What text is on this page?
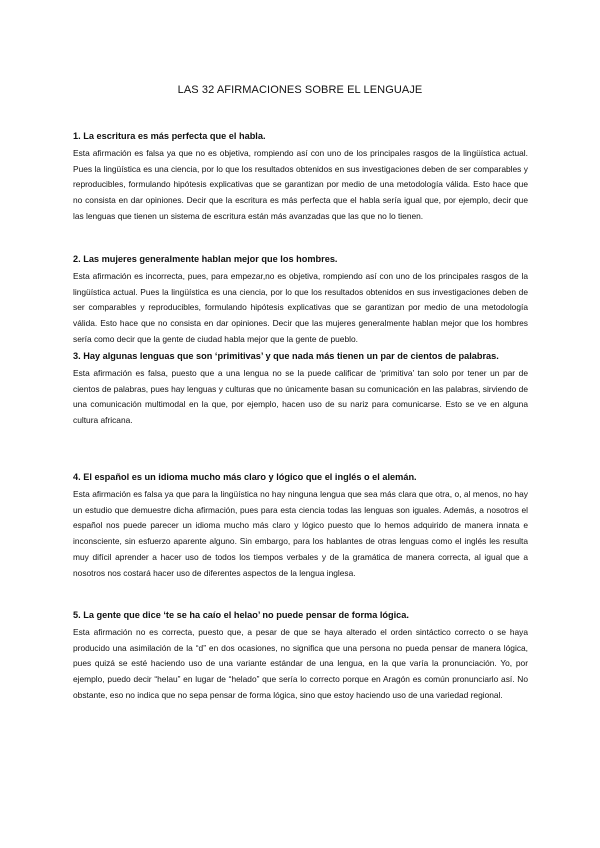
LAS 32 AFIRMACIONES SOBRE EL LENGUAJE
1. La escritura es más perfecta que el habla.

Esta afirmación es falsa ya que no es objetiva, rompiendo así con uno de los principales rasgos de la lingüística actual. Pues la lingüística es una ciencia, por lo que los resultados obtenidos en sus investigaciones deben de ser comparables y reproducibles, formulando hipótesis explicativas que se garantizan por medio de una metodología válida. Esto hace que no consista en dar opiniones. Decir que la escritura es más perfecta que el habla sería igual que, por ejemplo, decir que las lenguas que tienen un sistema de escritura están más avanzadas que las que no lo tienen.

2. Las mujeres generalmente hablan mejor que los hombres.

Esta afirmación es incorrecta, pues, para empezar,no es objetiva, rompiendo así con uno de los principales rasgos de la lingüística actual. Pues la lingüística es una ciencia, por lo que los resultados obtenidos en sus investigaciones deben de ser comparables y reproducibles, formulando hipótesis explicativas que se garantizan por medio de una metodología válida. Esto hace que no consista en dar opiniones. Decir que las mujeres generalmente hablan mejor que los hombres sería como decir que la gente de ciudad habla mejor que la gente de pueblo.

3. Hay algunas lenguas que son ‘primitivas’ y que nada más tienen un par de cientos de palabras.

Esta afirmación es falsa, puesto que a una lengua no se la puede calificar de ‘primitiva’ tan solo por tener un par de cientos de palabras, pues hay lenguas y culturas que no únicamente basan su comunicación en las palabras, sirviendo de una comunicación multimodal en la que, por ejemplo, hacen uso de su nariz para comunicarse. Esto se ve en alguna cultura africana.

4. El español es un idioma mucho más claro y lógico que el inglés o el alemán.

Esta afirmación es falsa ya que para la lingüística no hay ninguna lengua que sea más clara que otra, o, al menos, no hay un estudio que demuestre dicha afirmación, pues para esta ciencia todas las lenguas son iguales. Además, a nosotros el español nos puede parecer un idioma mucho más claro y lógico puesto que lo hemos adquirido de manera innata e inconsciente, sin esfuerzo aparente alguno. Sin embargo, para los hablantes de otras lenguas como el inglés les resulta muy difícil aprender a hacer uso de todos los tiempos verbales y de la gramática de manera correcta, al igual que a nosotros nos costará hacer uso de diferentes aspectos de la lengua inglesa.

5. La gente que dice ‘te se ha caío el helao’ no puede pensar de forma lógica.

Esta afirmación no es correcta, puesto que, a pesar de que se haya alterado el orden sintáctico correcto o se haya producido una asimilación de la “d” en dos ocasiones, no significa que una persona no pueda pensar de manera lógica, pues quizá se esté haciendo uso de una variante estándar de una lengua, en la que varía la pronunciación. Yo, por ejemplo, puedo decir “helau” en lugar de “helado” que sería lo correcto porque en Aragón es común pronunciarlo así. No obstante, eso no indica que no sepa pensar de forma lógica, sino que estoy haciendo uso de una variedad regional.
